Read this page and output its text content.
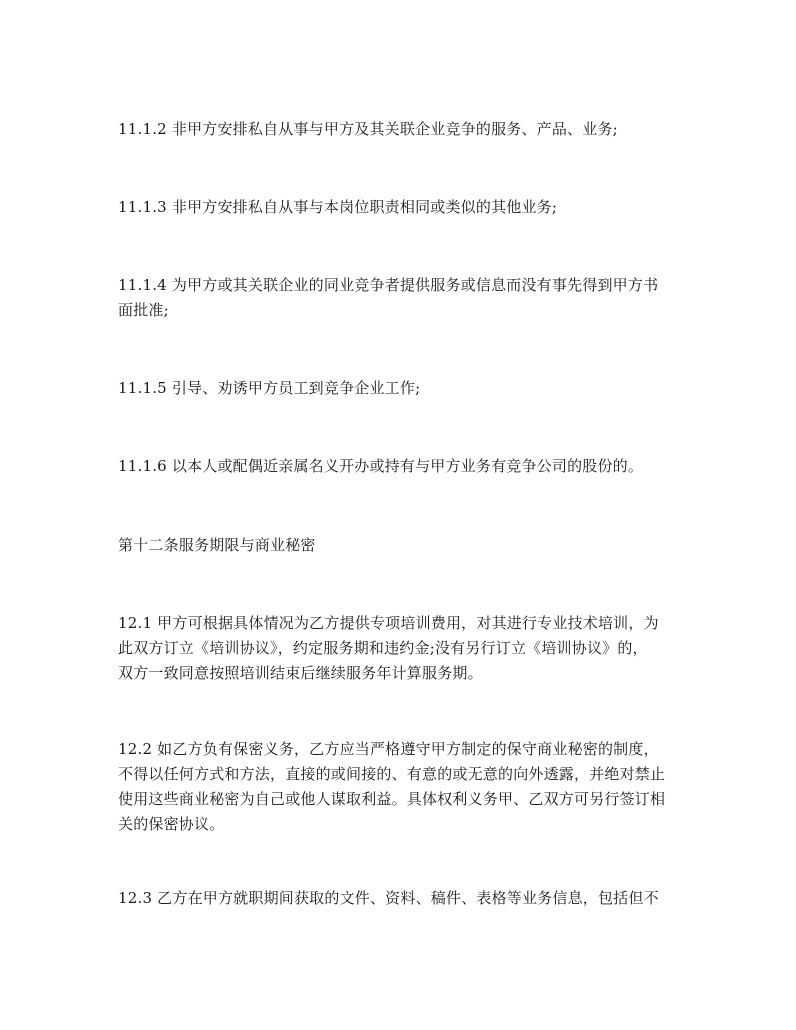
11.1.2 非甲方安排私自从事与甲方及其关联企业竞争的服务、产品、业务;
11.1.3 非甲方安排私自从事与本岗位职责相同或类似的其他业务;
11.1.4 为甲方或其关联企业的同业竞争者提供服务或信息而没有事先得到甲方书
面批准;
11.1.5 引导、劝诱甲方员工到竞争企业工作;
11.1.6 以本人或配偶近亲属名义开办或持有与甲方业务有竞争公司的股份的。
第十二条服务期限与商业秘密
12.1 甲方可根据具体情况为乙方提供专项培训费用，对其进行专业技术培训，为
此双方订立《培训协议》，约定服务期和违约金;没有另行订立《培训协议》的，
双方一致同意按照培训结束后继续服务年计算服务期。
12.2 如乙方负有保密义务，乙方应当严格遵守甲方制定的保守商业秘密的制度，
不得以任何方式和方法，直接的或间接的、有意的或无意的向外透露，并绝对禁止
使用这些商业秘密为自己或他人谋取利益。具体权利义务甲、乙双方可另行签订相
关的保密协议。
12.3 乙方在甲方就职期间获取的文件、资料、稿件、表格等业务信息，包括但不
